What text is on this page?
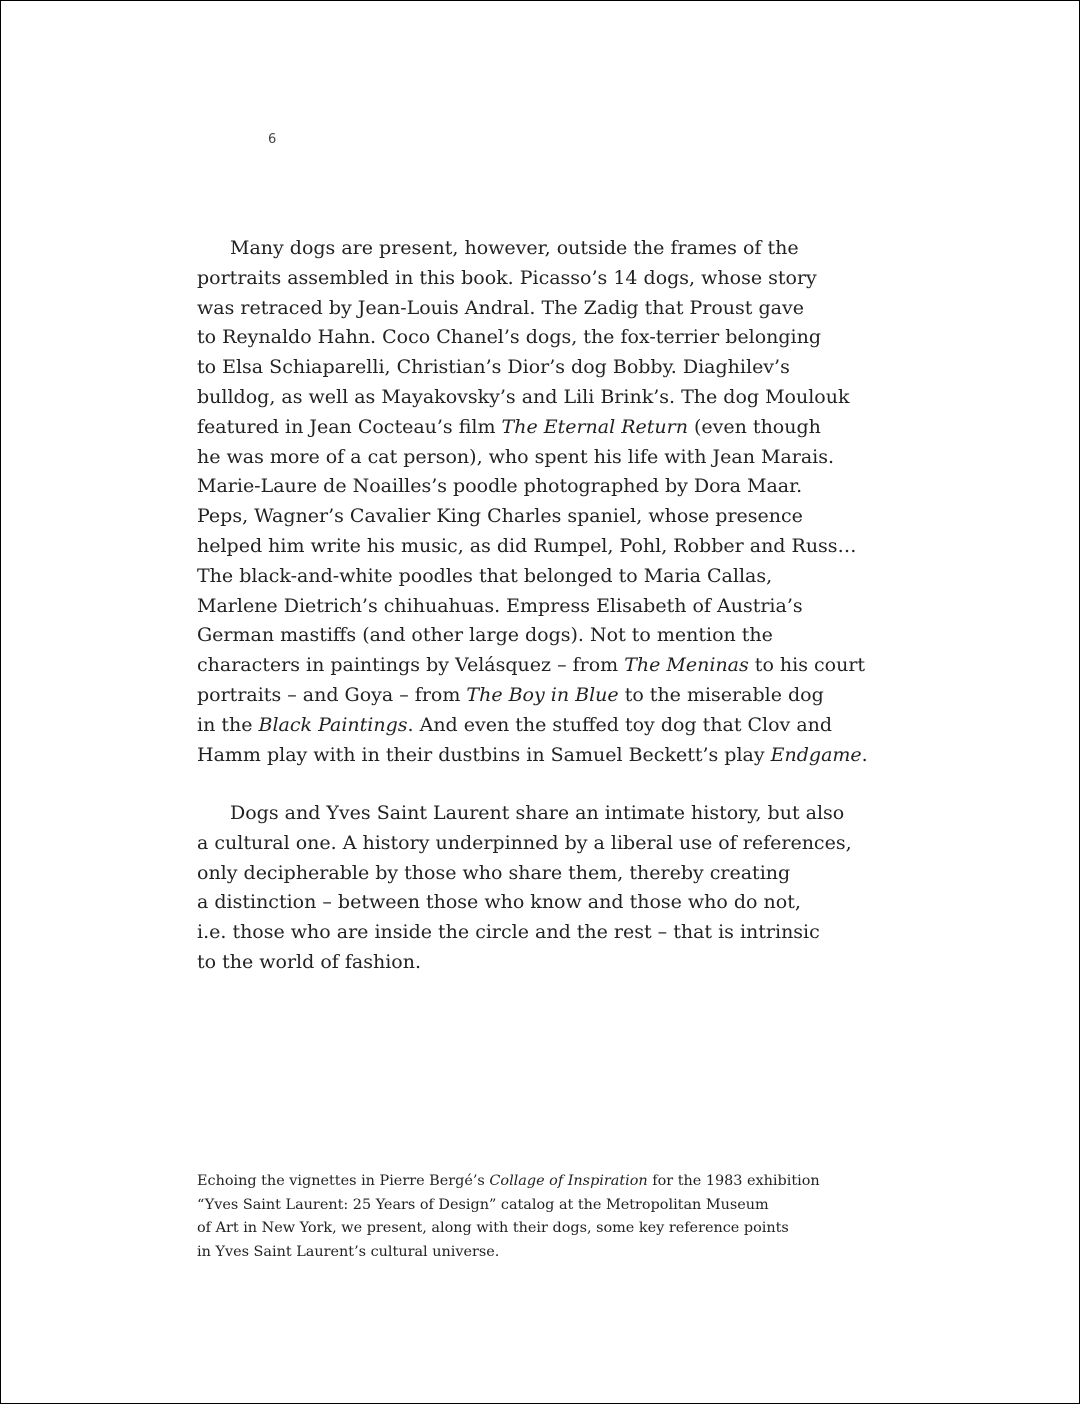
6
Many dogs are present, however, outside the frames of the
portraits assembled in this book. Picasso’s 14 dogs, whose story
was retraced by Jean-Louis Andral. The Zadig that Proust gave
to Reynaldo Hahn. Coco Chanel’s dogs, the fox-terrier belonging
to Elsa Schiaparelli, Christian’s Dior’s dog Bobby. Diaghilev’s
bulldog, as well as Mayakovsky’s and Lili Brink’s. The dog Moulouk
featured in Jean Cocteau’s film The Eternal Return (even though
he was more of a cat person), who spent his life with Jean Marais.
Marie-Laure de Noailles’s poodle photographed by Dora Maar.
Peps, Wagner’s Cavalier King Charles spaniel, whose presence
helped him write his music, as did Rumpel, Pohl, Robber and Russ…
The black-and-white poodles that belonged to Maria Callas,
Marlene Dietrich’s chihuahuas. Empress Elisabeth of Austria’s
German mastiffs (and other large dogs). Not to mention the
characters in paintings by Velásquez – from The Meninas to his court
portraits – and Goya – from The Boy in Blue to the miserable dog
in the Black Paintings. And even the stuffed toy dog that Clov and
Hamm play with in their dustbins in Samuel Beckett’s play Endgame.
Dogs and Yves Saint Laurent share an intimate history, but also
a cultural one. A history underpinned by a liberal use of references,
only decipherable by those who share them, thereby creating
a distinction – between those who know and those who do not,
i.e. those who are inside the circle and the rest – that is intrinsic
to the world of fashion.
Echoing the vignettes in Pierre Bergé’s Collage of Inspiration for the 1983 exhibition
“Yves Saint Laurent: 25 Years of Design” catalog at the Metropolitan Museum
of Art in New York, we present, along with their dogs, some key reference points
in Yves Saint Laurent’s cultural universe.
